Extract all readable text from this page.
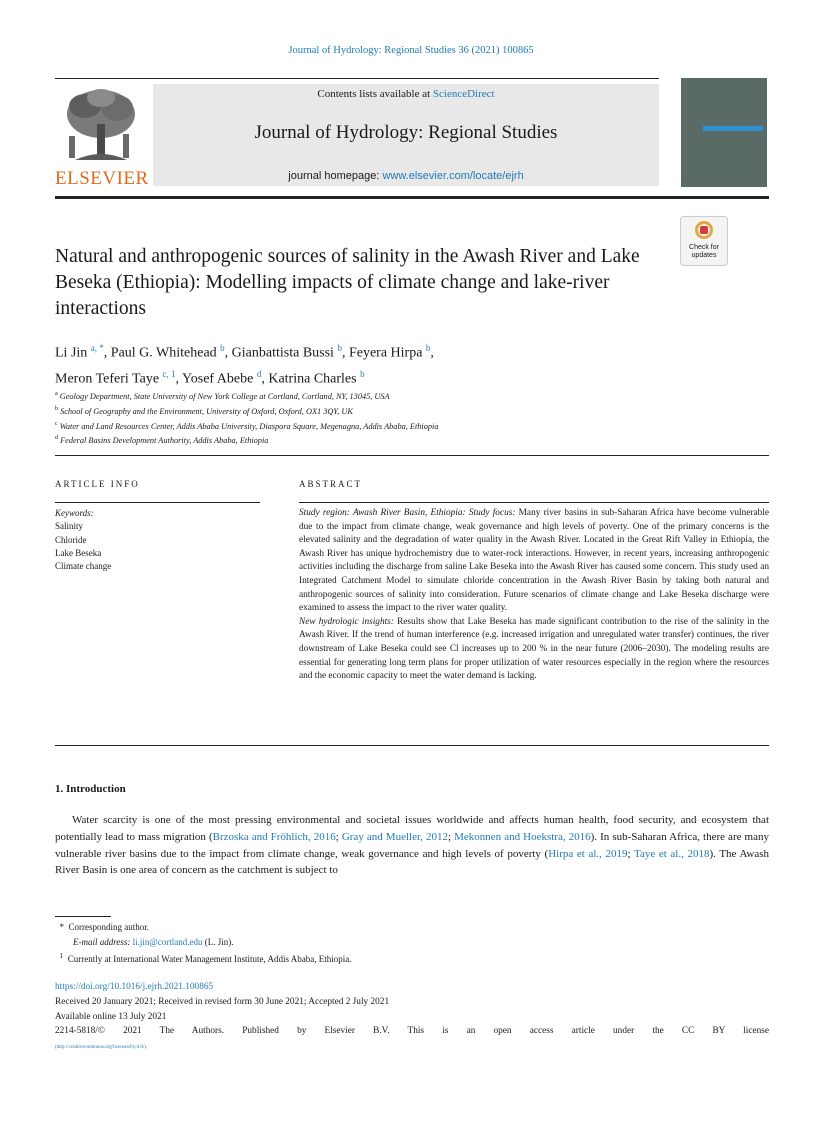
Journal of Hydrology: Regional Studies 36 (2021) 100865
ELSEVIER
Contents lists available at ScienceDirect
Journal of Hydrology: Regional Studies
journal homepage: www.elsevier.com/locate/ejrh
Check for
updates
Natural and anthropogenic sources of salinity in the Awash River and Lake Beseka (Ethiopia): Modelling impacts of climate change and lake-river interactions
Li Jin $^{a, *}$, Paul G. Whitehead $^b$, Gianbattista Bussi $^b$, Feyera Hirpa $^b$,
Meron Teferi Taye $^{c, 1}$, Yosef Abebe $^d$, Katrina Charles $^b$
$^a$ Geology Department, State University of New York College at Cortland, Cortland, NY, 13045, USA
$^b$ School of Geography and the Environment, University of Oxford, Oxford, OX1 3QY, UK
$^c$ Water and Land Resources Center, Addis Ababa University, Diaspora Square, Megenagna, Addis Ababa, Ethiopia
$^d$ Federal Basins Development Authority, Addis Ababa, Ethiopia
ARTICLE INFO	ABSTRACT
Keywords:
Salinity
Chloride
Lake Beseka
Climate change
Study region: Awash River Basin, Ethiopia: Study focus: Many river basins in sub-Saharan Africa have become vulnerable due to the impact from climate change, weak governance and high levels of poverty. One of the primary concerns is the elevated salinity and the degradation of water quality in the Awash River. Located in the Great Rift Valley in Ethiopia, the Awash River has unique hydrochemistry due to water-rock interactions. However, in recent years, increasing anthropogenic activities including the discharge from saline Lake Beseka into the Awash River has caused some concern. This study used an Integrated Catchment Model to simulate chloride concentration in the Awash River Basin by taking both natural and anthropogenic sources of salinity into consideration. Future scenarios of climate change and Lake Beseka discharge were examined to assess the impact to the river water quality.
New hydrologic insights: Results show that Lake Beseka has made significant contribution to the rise of the salinity in the Awash River. If the trend of human interference (e.g. increased irrigation and unregulated water transfer) continues, the river downstream of Lake Beseka could see Cl increases up to 200 % in the near future (2006–2030). The modeling results are essential for generating long term plans for proper utilization of water resources especially in the region where the resources and the economic capacity to meet the water demand is lacking.
1. Introduction
Water scarcity is one of the most pressing environmental and societal issues worldwide and affects human health, food security, and ecosystem that potentially lead to mass migration (Brzoska and Fröhlich, 2016; Gray and Mueller, 2012; Mekonnen and Hoekstra, 2016). In sub-Saharan Africa, there are many vulnerable river basins due to the impact from climate change, weak governance and high levels of poverty (Hirpa et al., 2019; Taye et al., 2018). The Awash River Basin is one area of concern as the catchment is subject to
* Corresponding author.
E-mail address: li.jin@cortland.edu (L. Jin).
$^1$ Currently at International Water Management Institute, Addis Ababa, Ethiopia.
https://doi.org/10.1016/j.ejrh.2021.100865
Received 20 January 2021; Received in revised form 30 June 2021; Accepted 2 July 2021
Available online 13 July 2021
2214-5818/© 2021 The Authors. Published by Elsevier B.V. This is an open access article under the CC BY license
(http://creativecommons.org/licenses/by/4.0/).
